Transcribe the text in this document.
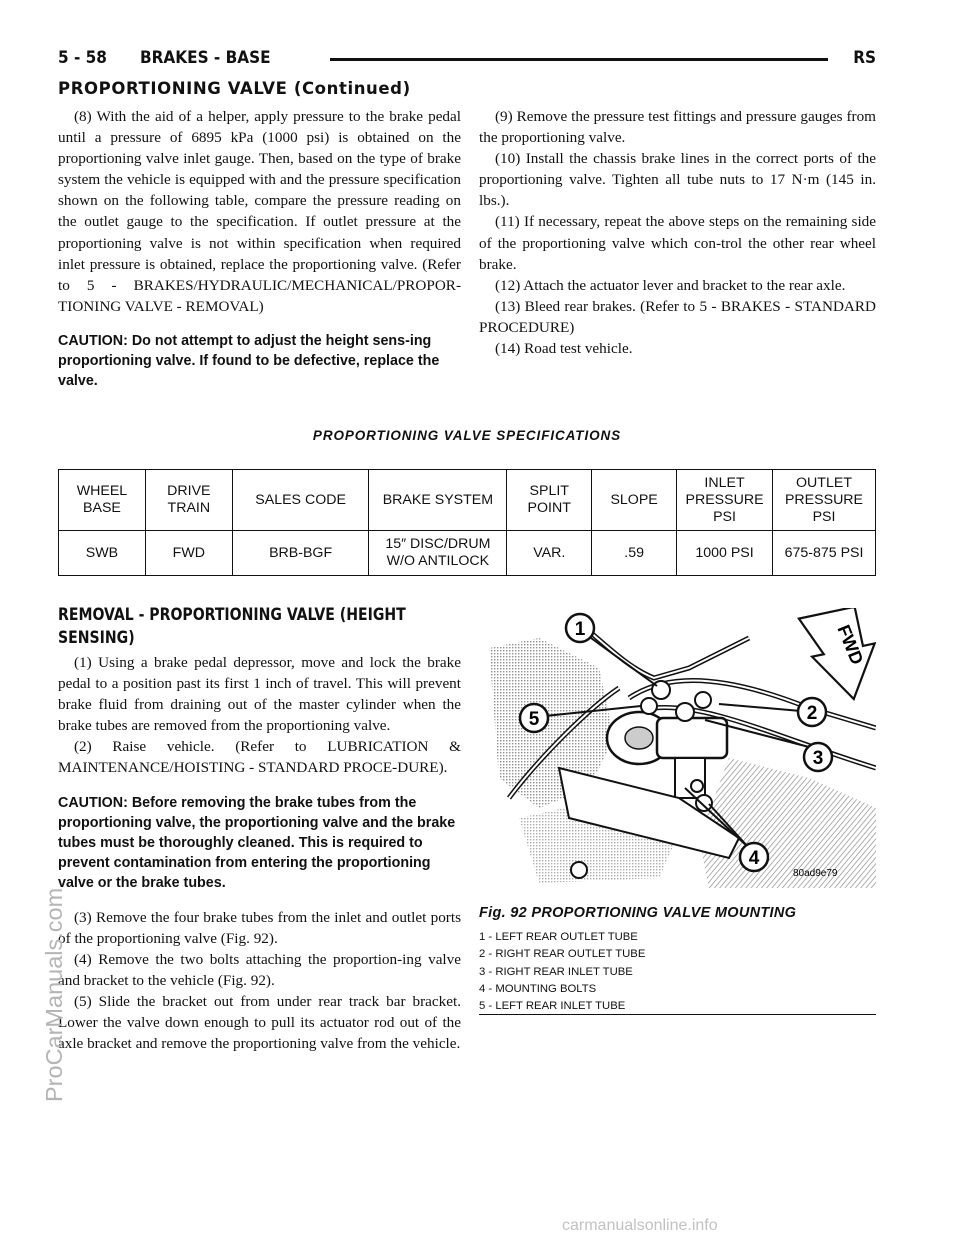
5 - 58 BRAKES - BASE	RS
PROPORTIONING VALVE (Continued)

(8) With the aid of a helper, apply pressure to the brake pedal until a pressure of 6895 kPa (1000 psi) is obtained on the proportioning valve inlet gauge. Then, based on the type of brake system the vehicle is equipped with and the pressure specification shown on the following table, compare the pressure reading on the outlet gauge to the specification. If outlet pressure at the proportioning valve is not within specification when required inlet pressure is obtained, replace the proportioning valve. (Refer to 5 - BRAKES/HYDRAULIC/MECHANICAL/PROPOR-TIONING VALVE - REMOVAL)

CAUTION: Do not attempt to adjust the height sens-ing proportioning valve. If found to be defective, replace the valve.

(9) Remove the pressure test fittings and pressure gauges from the proportioning valve.

(10) Install the chassis brake lines in the correct ports of the proportioning valve. Tighten all tube nuts to 17 N·m (145 in. lbs.).

(11) If necessary, repeat the above steps on the remaining side of the proportioning valve which con-trol the other rear wheel brake.

(12) Attach the actuator lever and bracket to the rear axle.

(13) Bleed rear brakes. (Refer to 5 - BRAKES - STANDARD PROCEDURE)

(14) Road test vehicle.

PROPORTIONING VALVE SPECIFICATIONS
WHEEL BASE	DRIVE TRAIN	SALES CODE	BRAKE SYSTEM	SPLIT POINT	SLOPE	INLET PRESSURE PSI	OUTLET PRESSURE PSI
SWB	FWD	BRB-BGF	15″ DISC/DRUM W/O ANTILOCK	VAR.	.59	1000 PSI	675-875 PSI
REMOVAL - PROPORTIONING VALVE (HEIGHT SENSING)

(1) Using a brake pedal depressor, move and lock the brake pedal to a position past its first 1 inch of travel. This will prevent brake fluid from draining out of the master cylinder when the brake tubes are removed from the proportioning valve.

(2) Raise vehicle. (Refer to LUBRICATION & MAINTENANCE/HOISTING - STANDARD PROCE-DURE).

CAUTION: Before removing the brake tubes from the proportioning valve, the proportioning valve and the brake tubes must be thoroughly cleaned. This is required to prevent contamination from entering the proportioning valve or the brake tubes.

(3) Remove the four brake tubes from the inlet and outlet ports of the proportioning valve (Fig. 92).

(4) Remove the two bolts attaching the proportion-ing valve and bracket to the vehicle (Fig. 92).

(5) Slide the bracket out from under rear track bar bracket. Lower the valve down enough to pull its actuator rod out of the axle bracket and remove the proportioning valve from the vehicle.

FWD
1
2
3
4
5
80ad9e79
Fig. 92 PROPORTIONING VALVE MOUNTING
1 - LEFT REAR OUTLET TUBE
2 - RIGHT REAR OUTLET TUBE
3 - RIGHT REAR INLET TUBE
4 - MOUNTING BOLTS
5 - LEFT REAR INLET TUBE
ProCarManuals.com
carmanualsonline.info
